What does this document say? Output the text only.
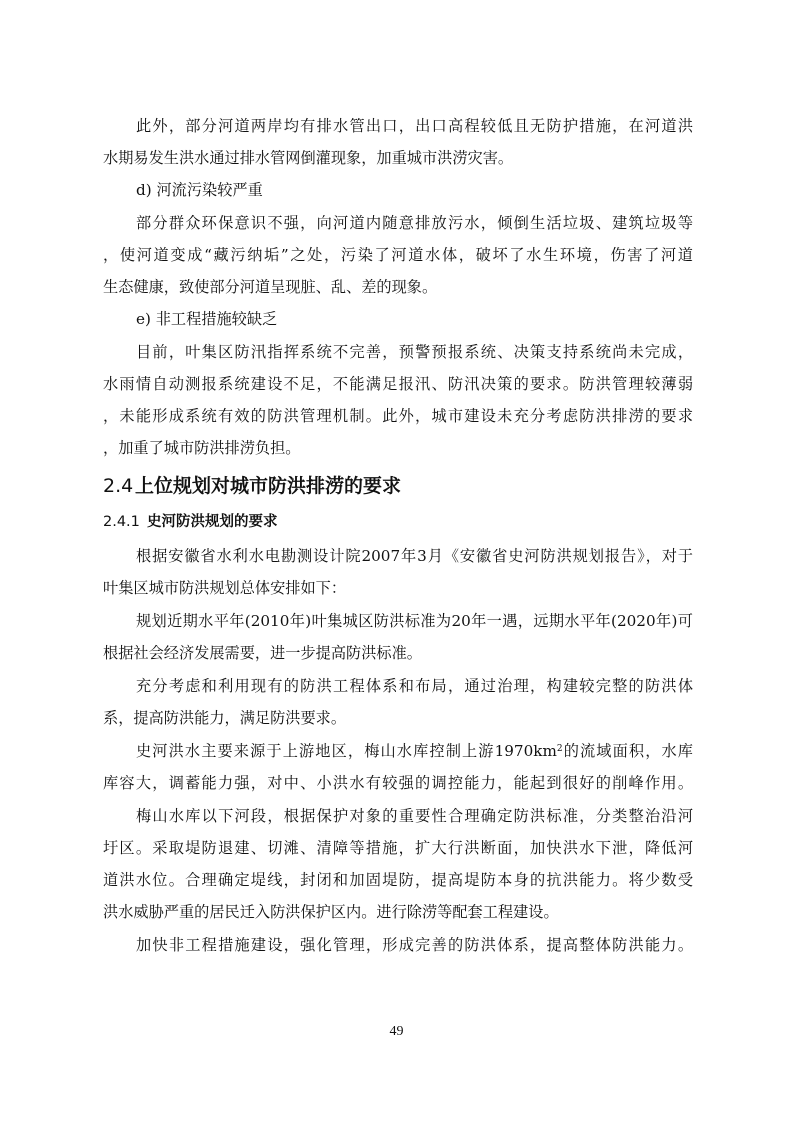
此外，部分河道两岸均有排水管出口，出口高程较低且无防护措施，在河道洪
水期易发生洪水通过排水管网倒灌现象，加重城市洪涝灾害。
d) 河流污染较严重
部分群众环保意识不强，向河道内随意排放污水，倾倒生活垃圾、建筑垃圾等
，使河道变成“藏污纳垢”之处，污染了河道水体，破坏了水生环境，伤害了河道
生态健康，致使部分河道呈现脏、乱、差的现象。
e) 非工程措施较缺乏
目前，叶集区防汛指挥系统不完善，预警预报系统、决策支持系统尚未完成，
水雨情自动测报系统建设不足，不能满足报汛、防汛决策的要求。防洪管理较薄弱
，未能形成系统有效的防洪管理机制。此外，城市建设未充分考虑防洪排涝的要求
，加重了城市防洪排涝负担。
2.4上位规划对城市防洪排涝的要求
2.4.1 史河防洪规划的要求
根据安徽省水利水电勘测设计院2007年3月《安徽省史河防洪规划报告》，对于
叶集区城市防洪规划总体安排如下：
规划近期水平年(2010年)叶集城区防洪标准为20年一遇，远期水平年(2020年)可
根据社会经济发展需要，进一步提高防洪标准。
充分考虑和利用现有的防洪工程体系和布局，通过治理，构建较完整的防洪体
系，提高防洪能力，满足防洪要求。
史河洪水主要来源于上游地区，梅山水库控制上游$1970km^2$的流域面积，水库
库容大，调蓄能力强，对中、小洪水有较强的调控能力，能起到很好的削峰作用。
梅山水库以下河段，根据保护对象的重要性合理确定防洪标准，分类整治沿河
圩区。采取堤防退建、切滩、清障等措施，扩大行洪断面，加快洪水下泄，降低河
道洪水位。合理确定堤线，封闭和加固堤防，提高堤防本身的抗洪能力。将少数受
洪水威胁严重的居民迁入防洪保护区内。进行除涝等配套工程建设。
加快非工程措施建设，强化管理，形成完善的防洪体系，提高整体防洪能力。
49
